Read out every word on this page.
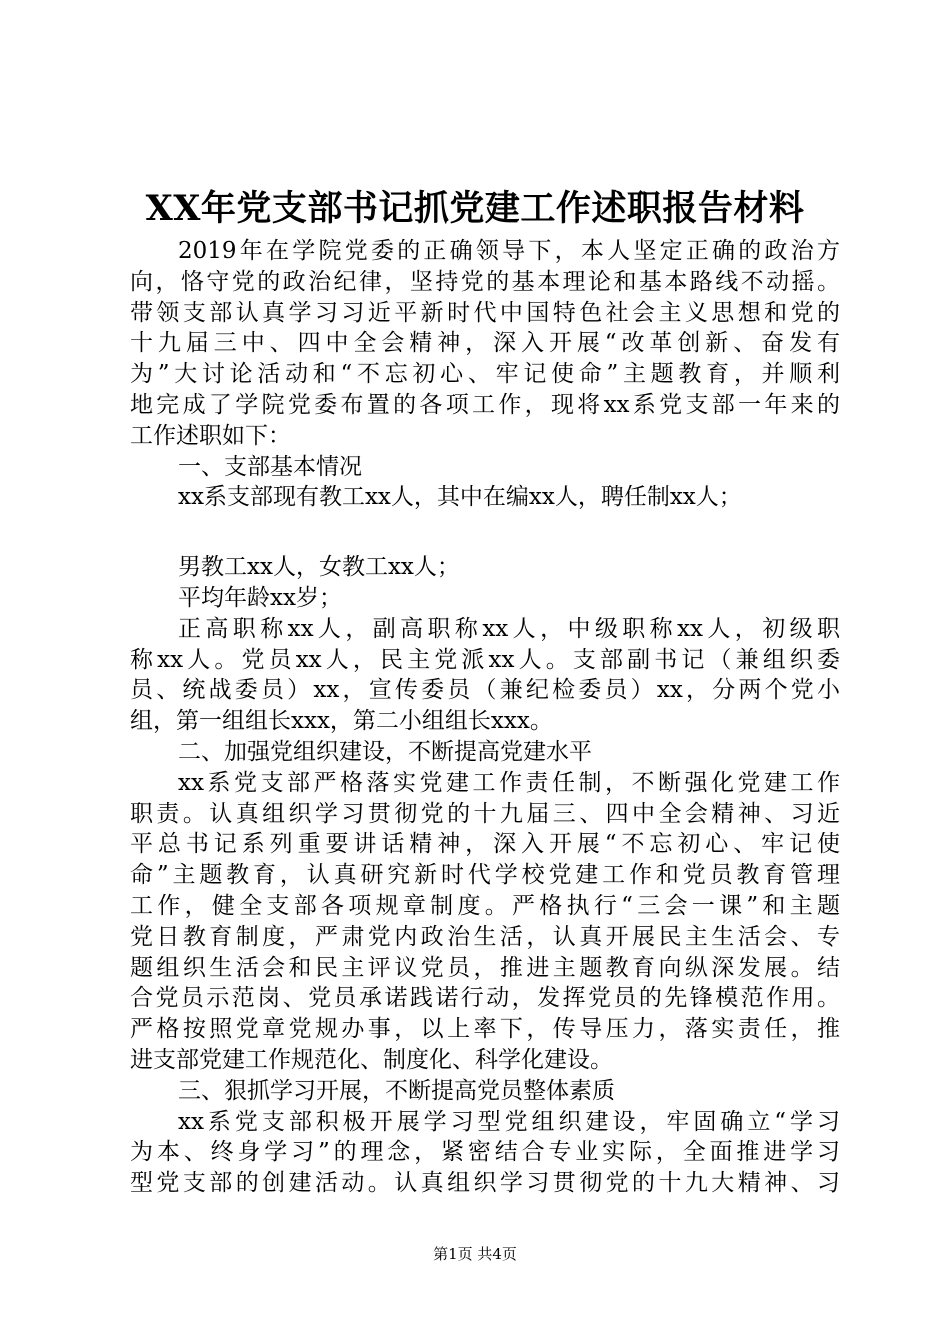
XX年党支部书记抓党建工作述职报告材料
2019年在学院党委的正确领导下，本人坚定正确的政治方
向，恪守党的政治纪律，坚持党的基本理论和基本路线不动摇。
带领支部认真学习习近平新时代中国特色社会主义思想和党的
十九届三中、四中全会精神，深入开展“改革创新、奋发有
为”大讨论活动和“不忘初心、牢记使命”主题教育，并顺利
地完成了学院党委布置的各项工作，现将xx系党支部一年来的
工作述职如下：
一、支部基本情况
xx系支部现有教工xx人，其中在编xx人，聘任制xx人；
男教工xx人，女教工xx人；
平均年龄xx岁；
正高职称xx人，副高职称xx人，中级职称xx人，初级职
称xx人。党员xx人，民主党派xx人。支部副书记（兼组织委
员、统战委员）xx，宣传委员（兼纪检委员）xx，分两个党小
组，第一组组长xxx，第二小组组长xxx。
二、加强党组织建设，不断提高党建水平
xx系党支部严格落实党建工作责任制，不断强化党建工作
职责。认真组织学习贯彻党的十九届三、四中全会精神、习近
平总书记系列重要讲话精神，深入开展“不忘初心、牢记使
命”主题教育，认真研究新时代学校党建工作和党员教育管理
工作，健全支部各项规章制度。严格执行“三会一课”和主题
党日教育制度，严肃党内政治生活，认真开展民主生活会、专
题组织生活会和民主评议党员，推进主题教育向纵深发展。结
合党员示范岗、党员承诺践诺行动，发挥党员的先锋模范作用。
严格按照党章党规办事，以上率下，传导压力，落实责任，推
进支部党建工作规范化、制度化、科学化建设。
三、狠抓学习开展，不断提高党员整体素质
xx系党支部积极开展学习型党组织建设，牢固确立“学习
为本、终身学习”的理念，紧密结合专业实际，全面推进学习
型党支部的创建活动。认真组织学习贯彻党的十九大精神、习
第1页 共4页
